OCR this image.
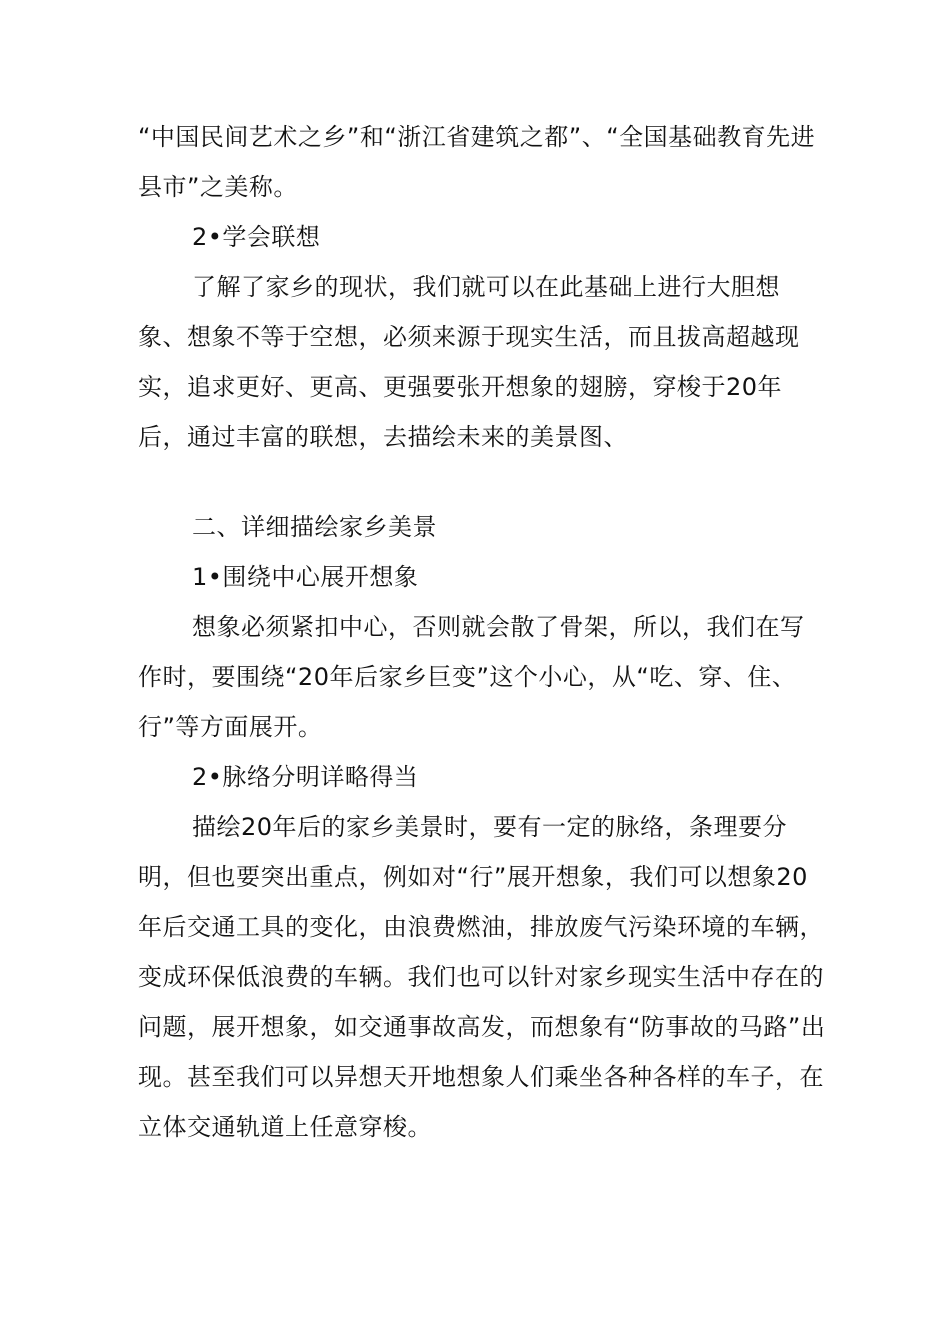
“中国民间艺术之乡”和“浙江省建筑之都”、“全国基础教育先进县市”之美称。

2•学会联想

了解了家乡的现状，我们就可以在此基础上进行大胆想象、想象不等于空想，必须来源于现实生活，而且拔高超越现实，追求更好、更高、更强要张开想象的翅膀，穿梭于20年后，通过丰富的联想，去描绘未来的美景图、

二、详细描绘家乡美景

1•围绕中心展开想象

想象必须紧扣中心，否则就会散了骨架，所以，我们在写作时，要围绕“20年后家乡巨变”这个小心，从“吃、穿、住、行”等方面展开。

2•脉络分明详略得当

描绘20年后的家乡美景时，要有一定的脉络，条理要分明，但也要突出重点，例如对“行”展开想象，我们可以想象20年后交通工具的变化，由浪费燃油，排放废气污染环境的车辆，变成环保低浪费的车辆。我们也可以针对家乡现实生活中存在的问题，展开想象，如交通事故高发，而想象有“防事故的马路”出现。甚至我们可以异想天开地想象人们乘坐各种各样的车子，在立体交通轨道上任意穿梭。
